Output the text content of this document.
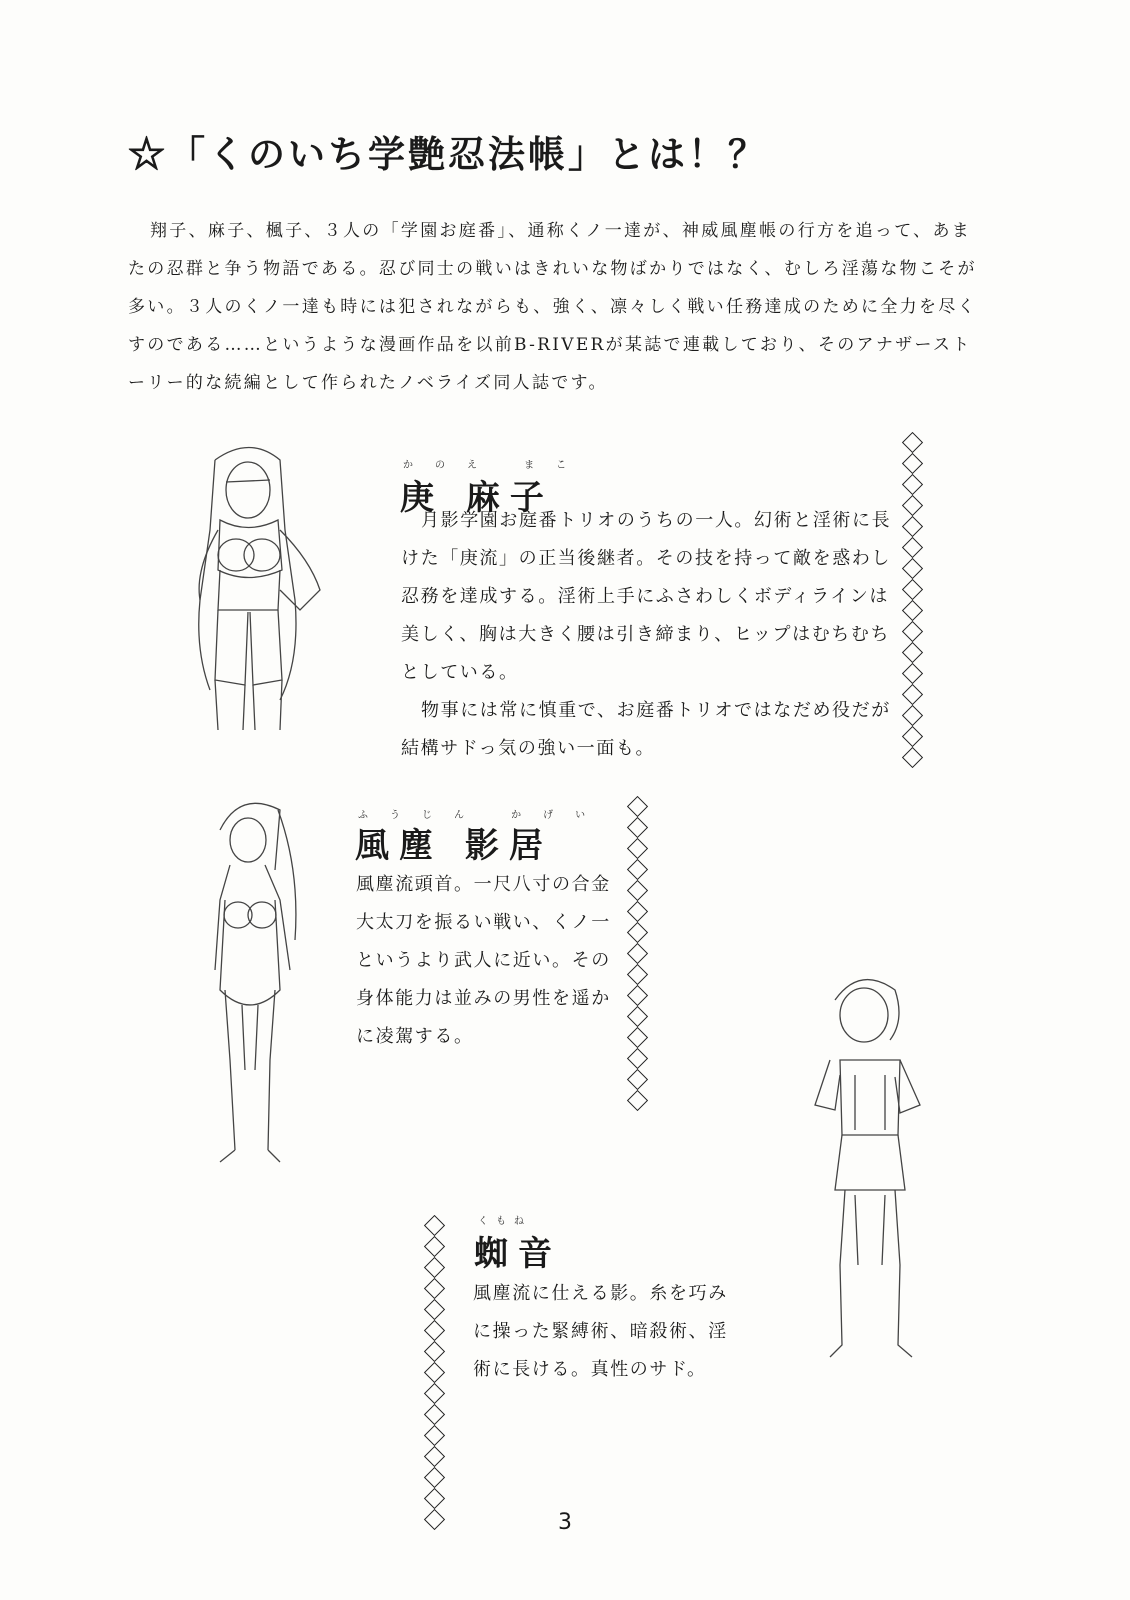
☆「くのいち学艶忍法帳」とは！？
翔子、麻子、楓子、３人の「学園お庭番」、通称くノ一達が、神威風塵帳の行方を追って、あまたの忍群と争う物語である。忍び同士の戦いはきれいな物ばかりではなく、むしろ淫蕩な物こそが多い。３人のくノ一達も時には犯されながらも、強く、凛々しく戦い任務達成のために全力を尽くすのである……というような漫画作品を以前B-RIVERが某誌で連載しており、そのアナザーストーリー的な続編として作られたノベライズ同人誌です。
かのえ まこ
庚 麻子

月影学園お庭番トリオのうちの一人。幻術と淫術に長けた「庚流」の正当後継者。その技を持って敵を惑わし忍務を達成する。淫術上手にふさわしくボディラインは美しく、胸は大きく腰は引き締まり、ヒップはむちむちとしている。

物事には常に慎重で、お庭番トリオではなだめ役だが結構サドっ気の強い一面も。

ふうじん かげい
風塵 影居

風塵流頭首。一尺八寸の合金大太刀を振るい戦い、くノ一というより武人に近い。その身体能力は並みの男性を遥かに凌駕する。

くもね
蜘音

風塵流に仕える影。糸を巧みに操った緊縛術、暗殺術、淫術に長ける。真性のサド。

3
